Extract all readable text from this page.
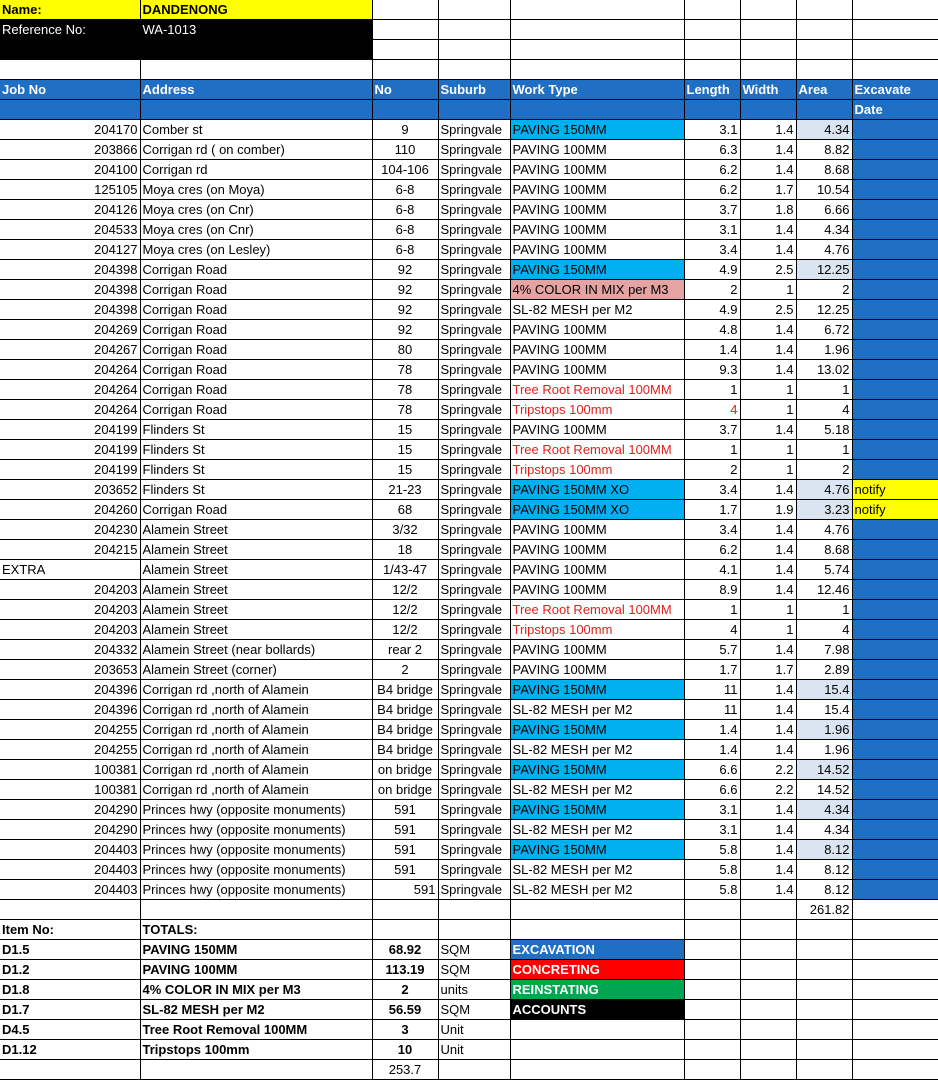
Name:	DANDENONG							
Reference No:	WA-1013							

Job No	Address	No	Suburb	Work Type	Length	Width	Area	Excavate
								Date
204170	Comber st	9	Springvale	PAVING 150MM	3.1	1.4	4.34	
203866	Corrigan rd ( on comber)	110	Springvale	PAVING 100MM	6.3	1.4	8.82	
204100	Corrigan rd	104-106	Springvale	PAVING 100MM	6.2	1.4	8.68	
125105	Moya cres (on Moya)	6-8	Springvale	PAVING 100MM	6.2	1.7	10.54	
204126	Moya cres (on Cnr)	6-8	Springvale	PAVING 100MM	3.7	1.8	6.66	
204533	Moya cres (on Cnr)	6-8	Springvale	PAVING 100MM	3.1	1.4	4.34	
204127	Moya cres (on Lesley)	6-8	Springvale	PAVING 100MM	3.4	1.4	4.76	
204398	Corrigan Road	92	Springvale	PAVING 150MM	4.9	2.5	12.25	
204398	Corrigan Road	92	Springvale	4% COLOR IN MIX per M3	2	1	2	
204398	Corrigan Road	92	Springvale	SL-82 MESH per M2	4.9	2.5	12.25	
204269	Corrigan Road	92	Springvale	PAVING 100MM	4.8	1.4	6.72	
204267	Corrigan Road	80	Springvale	PAVING 100MM	1.4	1.4	1.96	
204264	Corrigan Road	78	Springvale	PAVING 100MM	9.3	1.4	13.02	
204264	Corrigan Road	78	Springvale	Tree Root Removal 100MM	1	1	1	
204264	Corrigan Road	78	Springvale	Tripstops 100mm	4	1	4	
204199	Flinders St	15	Springvale	PAVING 100MM	3.7	1.4	5.18	
204199	Flinders St	15	Springvale	Tree Root Removal 100MM	1	1	1	
204199	Flinders St	15	Springvale	Tripstops 100mm	2	1	2	
203652	Flinders St	21-23	Springvale	PAVING 150MM XO	3.4	1.4	4.76	notify
204260	Corrigan Road	68	Springvale	PAVING 150MM XO	1.7	1.9	3.23	notify
204230	Alamein Street	3/32	Springvale	PAVING 100MM	3.4	1.4	4.76	
204215	Alamein Street	18	Springvale	PAVING 100MM	6.2	1.4	8.68	
EXTRA	Alamein Street	1/43-47	Springvale	PAVING 100MM	4.1	1.4	5.74	
204203	Alamein Street	12/2	Springvale	PAVING 100MM	8.9	1.4	12.46	
204203	Alamein Street	12/2	Springvale	Tree Root Removal 100MM	1	1	1	
204203	Alamein Street	12/2	Springvale	Tripstops 100mm	4	1	4	
204332	Alamein Street (near bollards)	rear 2	Springvale	PAVING 100MM	5.7	1.4	7.98	
203653	Alamein Street (corner)	2	Springvale	PAVING 100MM	1.7	1.7	2.89	
204396	Corrigan rd ,north of Alamein	B4 bridge	Springvale	PAVING 150MM	11	1.4	15.4	
204396	Corrigan rd ,north of Alamein	B4 bridge	Springvale	SL-82 MESH per M2	11	1.4	15.4	
204255	Corrigan rd ,north of Alamein	B4 bridge	Springvale	PAVING 150MM	1.4	1.4	1.96	
204255	Corrigan rd ,north of Alamein	B4 bridge	Springvale	SL-82 MESH per M2	1.4	1.4	1.96	
100381	Corrigan rd ,north of Alamein	on bridge	Springvale	PAVING 150MM	6.6	2.2	14.52	
100381	Corrigan rd ,north of Alamein	on bridge	Springvale	SL-82 MESH per M2	6.6	2.2	14.52	
204290	Princes hwy (opposite monuments)	591	Springvale	PAVING 150MM	3.1	1.4	4.34	
204290	Princes hwy (opposite monuments)	591	Springvale	SL-82 MESH per M2	3.1	1.4	4.34	
204403	Princes hwy (opposite monuments)	591	Springvale	PAVING 150MM	5.8	1.4	8.12	
204403	Princes hwy (opposite monuments)	591	Springvale	SL-82 MESH per M2	5.8	1.4	8.12	
204403	Princes hwy (opposite monuments)	591	Springvale	SL-82 MESH per M2	5.8	1.4	8.12	
							261.82	
Item No:	TOTALS:							
D1.5	PAVING 150MM	68.92	SQM	EXCAVATION				
D1.2	PAVING 100MM	113.19	SQM	CONCRETING				
D1.8	4% COLOR IN MIX per M3	2	units	REINSTATING				
D1.7	SL-82 MESH per M2	56.59	SQM	ACCOUNTS				
D4.5	Tree Root Removal 100MM	3	Unit					
D1.12	Tripstops 100mm	10	Unit					
		253.7						
